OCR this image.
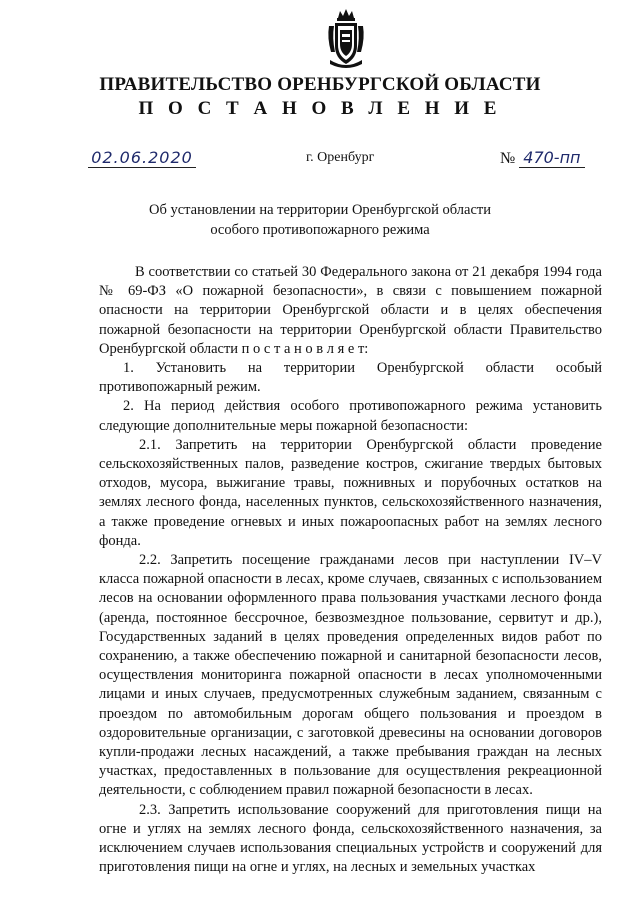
ПРАВИТЕЛЬСТВО ОРЕНБУРГСКОЙ ОБЛАСТИ
П О С Т А Н О В Л Е Н И Е
02.06.2020	г. Оренбург	№ 470-пп
Об установлении на территории Оренбургской области
особого противопожарного режима

В соответствии со статьей 30 Федерального закона от 21 декабря 1994 года № 69-ФЗ «О пожарной безопасности», в связи с повышением пожарной опасности на территории Оренбургской области и в целях обеспечения пожарной безопасности на территории Оренбургской области Правительство Оренбургской области п о с т а н о в л я е т:

1. Установить на территории Оренбургской области особый противопожарный режим.

2. На период действия особого противопожарного режима установить следующие дополнительные меры пожарной безопасности:

2.1. Запретить на территории Оренбургской области проведение сельскохозяйственных палов, разведение костров, сжигание твердых бытовых отходов, мусора, выжигание травы, пожнивных и порубочных остатков на землях лесного фонда, населенных пунктов, сельскохозяйственного назначения, а также проведение огневых и иных пожароопасных работ на землях лесного фонда.

2.2. Запретить посещение гражданами лесов при наступлении IV–V класса пожарной опасности в лесах, кроме случаев, связанных с использованием лесов на основании оформленного права пользования участками лесного фонда (аренда, постоянное бессрочное, безвозмездное пользование, сервитут и др.), Государственных заданий в целях проведения определенных видов работ по сохранению, а также обеспечению пожарной и санитарной безопасности лесов, осуществления мониторинга пожарной опасности в лесах уполномоченными лицами и иных случаев, предусмотренных служебным заданием, связанным с проездом по автомобильным дорогам общего пользования и проездом в оздоровительные организации, с заготовкой древесины на основании договоров купли-продажи лесных насаждений, а также пребывания граждан на лесных участках, предоставленных в пользование для осуществления рекреационной деятельности, с соблюдением правил пожарной безопасности в лесах.

2.3. Запретить использование сооружений для приготовления пищи на огне и углях на землях лесного фонда, сельскохозяйственного назначения, за исключением случаев использования специальных устройств и сооружений для приготовления пищи на огне и углях, на лесных и земельных участках
